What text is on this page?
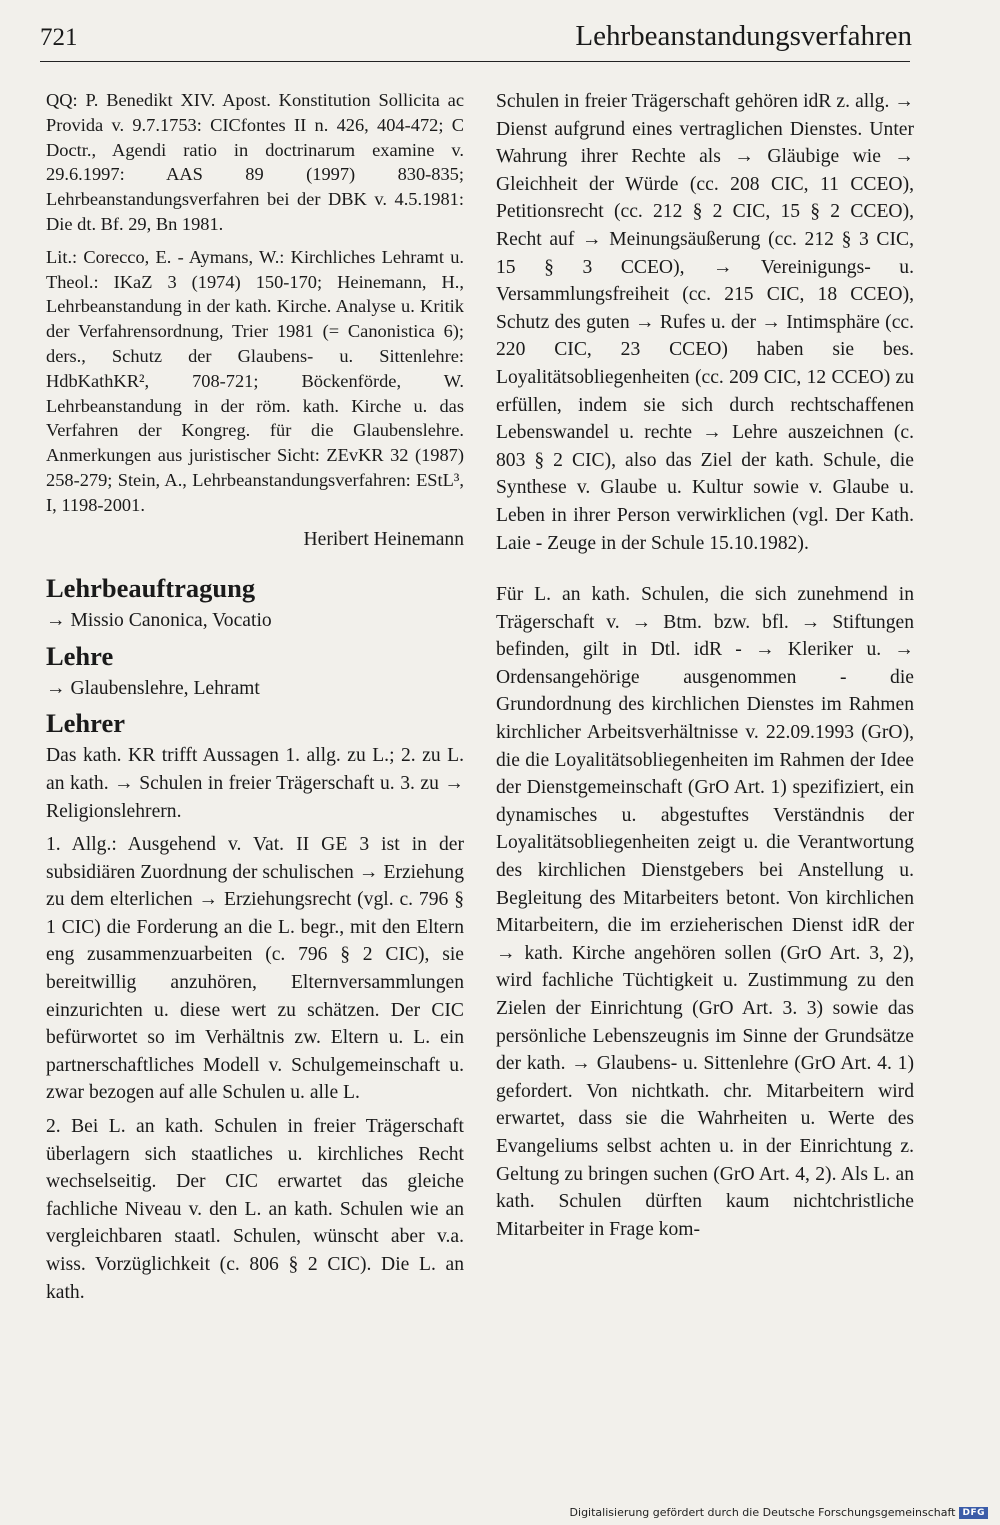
721	Lehrbeanstandungsverfahren

QQ: P. Benedikt XIV. Apost. Konstitution Sollicita ac Provida v. 9.7.1753: CICfontes II n. 426, 404-472; C Doctr., Agendi ratio in doctrinarum examine v. 29.6.1997: AAS 89 (1997) 830-835; Lehrbeanstandungsverfahren bei der DBK v. 4.5.1981: Die dt. Bf. 29, Bn 1981.

Lit.: Corecco, E. - Aymans, W.: Kirchliches Lehramt u. Theol.: IKaZ 3 (1974) 150-170; Heinemann, H., Lehrbeanstandung in der kath. Kirche. Analyse u. Kritik der Verfahrensordnung, Trier 1981 (= Canonistica 6); ders., Schutz der Glaubens- u. Sittenlehre: HdbKathKR², 708-721; Böckenförde, W. Lehrbeanstandung in der röm. kath. Kirche u. das Verfahren der Kongreg. für die Glaubenslehre. Anmerkungen aus juristischer Sicht: ZEvKR 32 (1987) 258-279; Stein, A., Lehrbeanstandungsverfahren: EStL³, I, 1198-2001.

Heribert Heinemann

Lehrbeauftragung

→ Missio Canonica, Vocatio

Lehre

→ Glaubenslehre, Lehramt

Lehrer

Das kath. KR trifft Aussagen 1. allg. zu L.; 2. zu L. an kath. → Schulen in freier Trägerschaft u. 3. zu → Religionslehrern.

1. Allg.: Ausgehend v. Vat. II GE 3 ist in der subsidiären Zuordnung der schulischen → Erziehung zu dem elterlichen → Erziehungsrecht (vgl. c. 796 § 1 CIC) die Forderung an die L. begr., mit den Eltern eng zusammenzuarbeiten (c. 796 § 2 CIC), sie bereitwillig anzuhören, Elternversammlungen einzurichten u. diese wert zu schätzen. Der CIC befürwortet so im Verhältnis zw. Eltern u. L. ein partnerschaftliches Modell v. Schulgemeinschaft u. zwar bezogen auf alle Schulen u. alle L.

2. Bei L. an kath. Schulen in freier Trägerschaft überlagern sich staatliches u. kirchliches Recht wechselseitig. Der CIC erwartet das gleiche fachliche Niveau v. den L. an kath. Schulen wie an vergleichbaren staatl. Schulen, wünscht aber v.a. wiss. Vorzüglichkeit (c. 806 § 2 CIC). Die L. an kath.

Schulen in freier Trägerschaft gehören idR z. allg. → Dienst aufgrund eines vertraglichen Dienstes. Unter Wahrung ihrer Rechte als → Gläubige wie → Gleichheit der Würde (cc. 208 CIC, 11 CCEO), Petitionsrecht (cc. 212 § 2 CIC, 15 § 2 CCEO), Recht auf → Meinungsäußerung (cc. 212 § 3 CIC, 15 § 3 CCEO), → Vereinigungs- u. Versammlungsfreiheit (cc. 215 CIC, 18 CCEO), Schutz des guten → Rufes u. der → Intimsphäre (cc. 220 CIC, 23 CCEO) haben sie bes. Loyalitätsobliegenheiten (cc. 209 CIC, 12 CCEO) zu erfüllen, indem sie sich durch rechtschaffenen Lebenswandel u. rechte → Lehre auszeichnen (c. 803 § 2 CIC), also das Ziel der kath. Schule, die Synthese v. Glaube u. Kultur sowie v. Glaube u. Leben in ihrer Person verwirklichen (vgl. Der Kath. Laie - Zeuge in der Schule 15.10.1982).

Für L. an kath. Schulen, die sich zunehmend in Trägerschaft v. → Btm. bzw. bfl. → Stiftungen befinden, gilt in Dtl. idR - → Kleriker u. → Ordensangehörige ausgenommen - die Grundordnung des kirchlichen Dienstes im Rahmen kirchlicher Arbeitsverhältnisse v. 22.09.1993 (GrO), die die Loyalitätsobliegenheiten im Rahmen der Idee der Dienstgemeinschaft (GrO Art. 1) spezifiziert, ein dynamisches u. abgestuftes Verständnis der Loyalitätsobliegenheiten zeigt u. die Verantwortung des kirchlichen Dienstgebers bei Anstellung u. Begleitung des Mitarbeiters betont. Von kirchlichen Mitarbeitern, die im erzieherischen Dienst idR der → kath. Kirche angehören sollen (GrO Art. 3, 2), wird fachliche Tüchtigkeit u. Zustimmung zu den Zielen der Einrichtung (GrO Art. 3. 3) sowie das persönliche Lebenszeugnis im Sinne der Grundsätze der kath. → Glaubens- u. Sittenlehre (GrO Art. 4. 1) gefordert. Von nichtkath. chr. Mitarbeitern wird erwartet, dass sie die Wahrheiten u. Werte des Evangeliums selbst achten u. in der Einrichtung z. Geltung zu bringen suchen (GrO Art. 4, 2). Als L. an kath. Schulen dürften kaum nichtchristliche Mitarbeiter in Frage kom-

Digitalisierung gefördert durch die Deutsche Forschungsgemeinschaft DFG
